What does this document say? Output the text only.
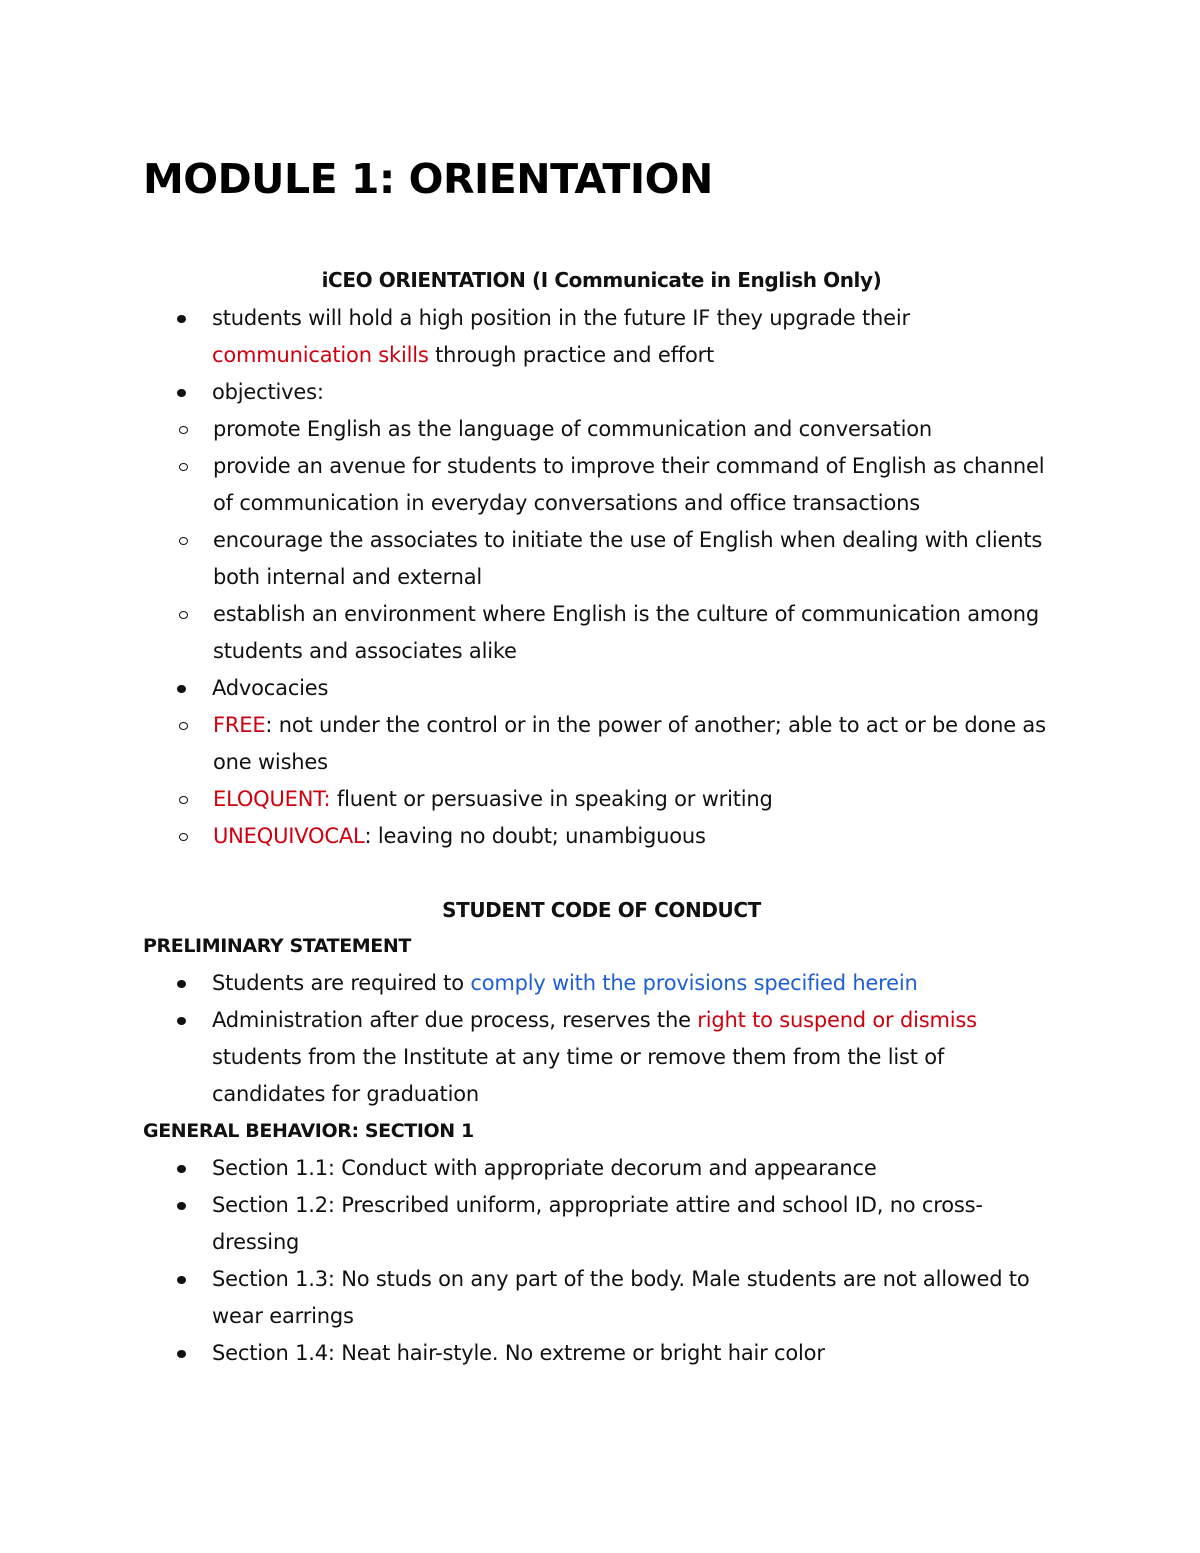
MODULE 1: ORIENTATION

iCEO ORIENTATION (I Communicate in English Only)

students will hold a high position in the future IF they upgrade their communication skills through practice and effort
objectives:
promote English as the language of communication and conversation
provide an avenue for students to improve their command of English as channel of communication in everyday conversations and office transactions
encourage the associates to initiate the use of English when dealing with clients both internal and external
establish an environment where English is the culture of communication among students and associates alike
Advocacies
FREE: not under the control or in the power of another; able to act or be done as one wishes
ELOQUENT: fluent or persuasive in speaking or writing
UNEQUIVOCAL: leaving no doubt; unambiguous

STUDENT CODE OF CONDUCT

PRELIMINARY STATEMENT

Students are required to comply with the provisions specified herein
Administration after due process, reserves the right to suspend or dismiss students from the Institute at any time or remove them from the list of candidates for graduation

GENERAL BEHAVIOR: SECTION 1

Section 1.1: Conduct with appropriate decorum and appearance
Section 1.2: Prescribed uniform, appropriate attire and school ID, no cross-dressing
Section 1.3: No studs on any part of the body. Male students are not allowed to wear earrings
Section 1.4: Neat hair-style. No extreme or bright hair color
